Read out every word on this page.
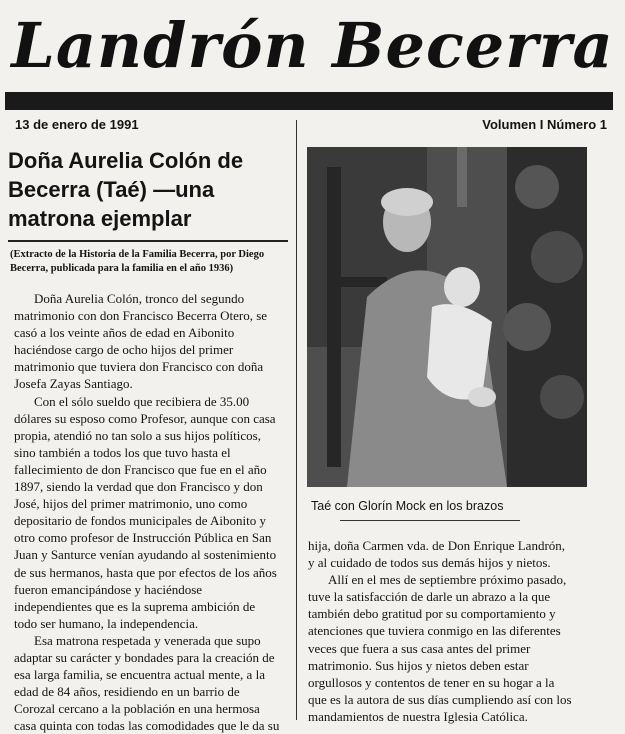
Landrón Becerra
13 de enero de 1991	Volumen I Número 1
Doña Aurelia Colón de
Becerra (Taé) —una
matrona ejemplar

(Extracto de la Historia de la Familia Becerra, por Diego
Becerra, publicada para la familia en el año 1936)

Doña Aurelia Colón, tronco del segundo

matrimonio con don Francisco Becerra Otero, se

casó a los veinte años de edad en Aibonito

haciéndose cargo de ocho hijos del primer

matrimonio que tuviera don Francisco con doña

Josefa Zayas Santiago.

Con el sólo sueldo que recibiera de 35.00

dólares su esposo como Profesor, aunque con casa

propia, atendió no tan solo a sus hijos políticos,

sino también a todos los que tuvo hasta el

fallecimiento de don Francisco que fue en el año

1897, siendo la verdad que don Francisco y don

José, hijos del primer matrimonio, uno como

depositario de fondos municipales de Aibonito y

otro como profesor de Instrucción Pública en San

Juan y Santurce venían ayudando al sostenimiento

de sus hermanos, hasta que por efectos de los años

fueron emancipándose y haciéndose

independientes que es la suprema ambición de

todo ser humano, la independencia.

Esa matrona respetada y venerada que supo

adaptar su carácter y bondades para la creación de

esa larga familia, se encuentra actual mente, a la

edad de 84 años, residiendo en un barrio de

Corozal cercano a la población en una hermosa

casa quinta con todas las comodidades que le da su

Taé con Glorín Mock en los brazos

hija, doña Carmen vda. de Don Enrique Landrón,

y al cuidado de todos sus demás hijos y nietos.

Allí en el mes de septiembre próximo pasado,

tuve la satisfacción de darle un abrazo a la que

también debo gratitud por su comportamiento y

atenciones que tuviera conmigo en las diferentes

veces que fuera a sus casa antes del primer

matrimonio. Sus hijos y nietos deben estar

orgullosos y contentos de tener en su hogar a la

que es la autora de sus días cumpliendo así con los

mandamientos de nuestra Iglesia Católica.
